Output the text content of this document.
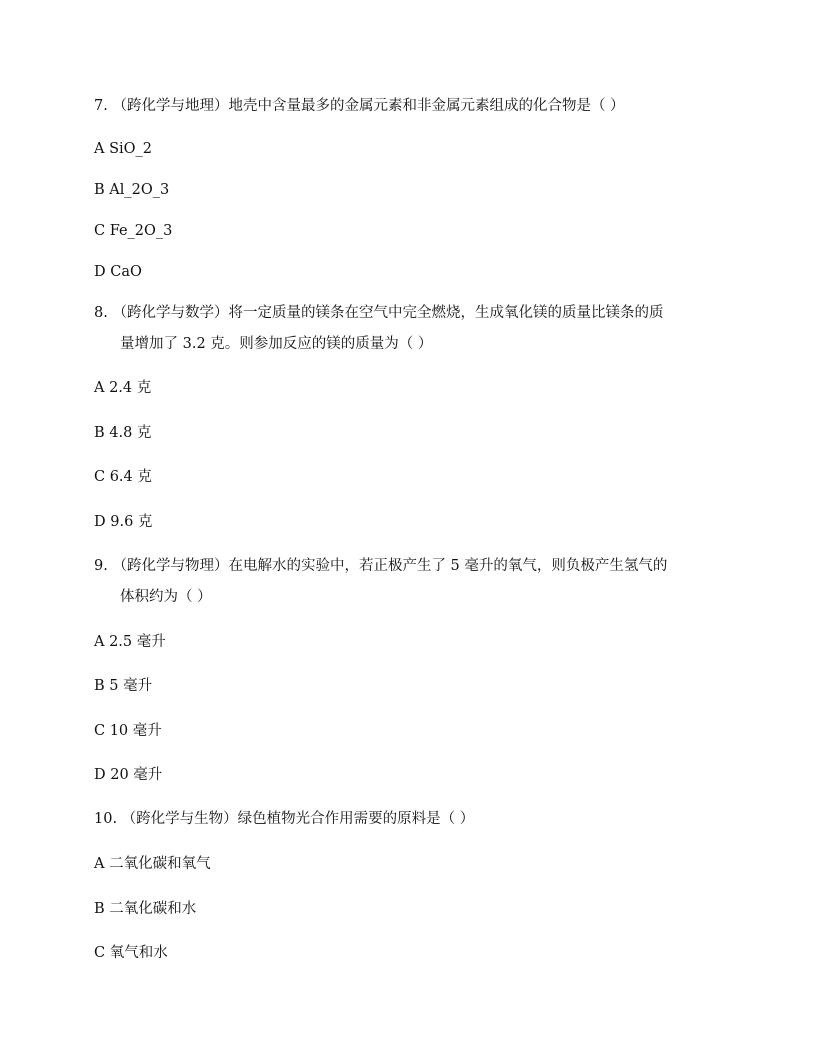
7. （跨化学与地理）地壳中含量最多的金属元素和非金属元素组成的化合物是（ ）
A SiO_2
B Al_2O_3
C Fe_2O_3
D CaO
8. （跨化学与数学）将一定质量的镁条在空气中完全燃烧，生成氧化镁的质量比镁条的质
量增加了 3.2 克。则参加反应的镁的质量为（ ）
A 2.4 克
B 4.8 克
C 6.4 克
D 9.6 克
9. （跨化学与物理）在电解水的实验中，若正极产生了 5 毫升的氧气，则负极产生氢气的
体积约为（ ）
A 2.5 毫升
B 5 毫升
C 10 毫升
D 20 毫升
10. （跨化学与生物）绿色植物光合作用需要的原料是（ ）
A 二氧化碳和氧气
B 二氧化碳和水
C 氧气和水
